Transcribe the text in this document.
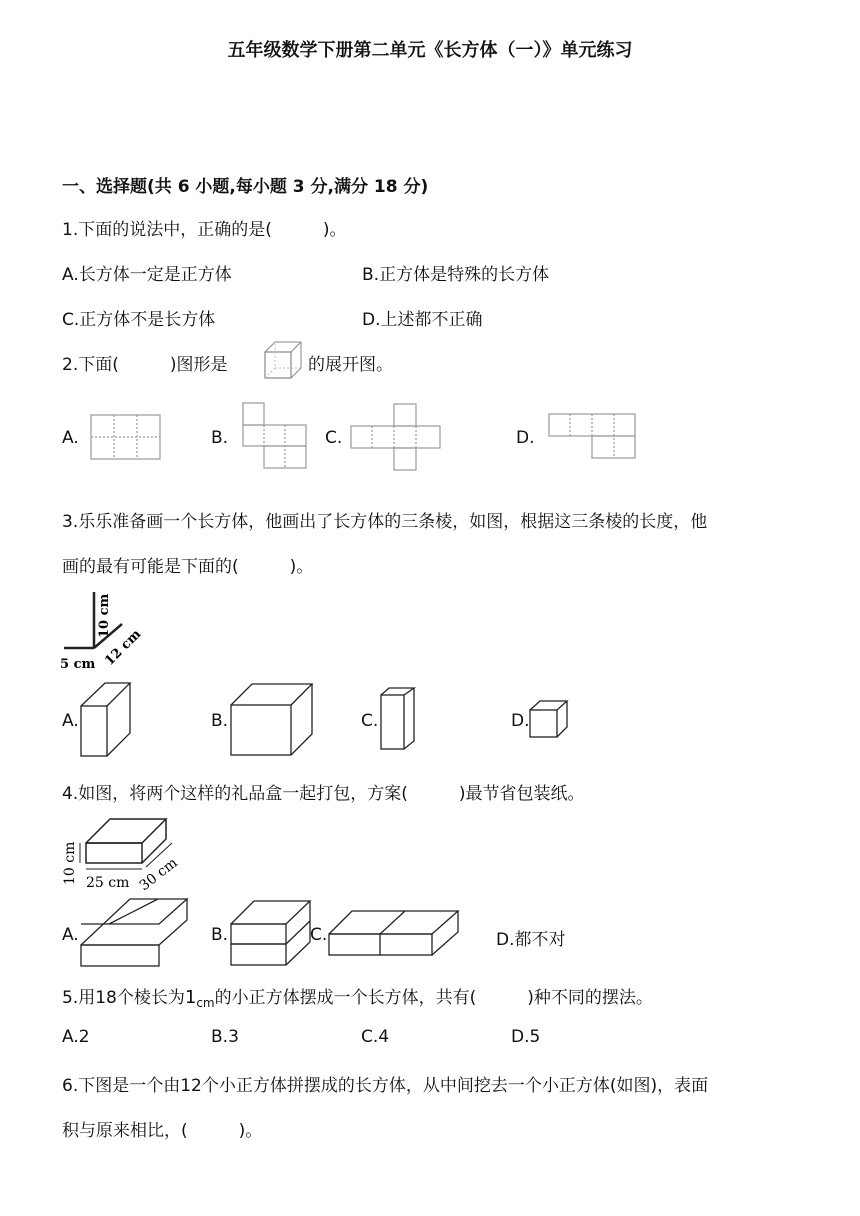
五年级数学下册第二单元《长方体（一）》单元练习
一、选择题(共 6 小题,每小题 3 分,满分 18 分)
1.下面的说法中，正确的是(　　　)。
A.长方体一定是正方体	B.正方体是特殊的长方体
C.正方体不是长方体	D.上述都不正确
2.下面(　　　)图形是	的展开图。
A.	B.	C.	D.
3.乐乐准备画一个长方体，他画出了长方体的三条棱，如图，根据这三条棱的长度，他
画的最有可能是下面的(　　　)。
10 cm
12 cm
5 cm
A.	B.	C.	D.
4.如图，将两个这样的礼品盒一起打包，方案(　　　)最节省包装纸。
10 cm 25 cm 30 cm
A.	B.	C.	D.都不对
5.用18个棱长为$1_{cm}$的小正方体摆成一个长方体，共有(　　　)种不同的摆法。
A.2	B.3	C.4	D.5
6.下图是一个由12个小正方体拼摆成的长方体，从中间挖去一个小正方体(如图)，表面
积与原来相比，(　　　)。
